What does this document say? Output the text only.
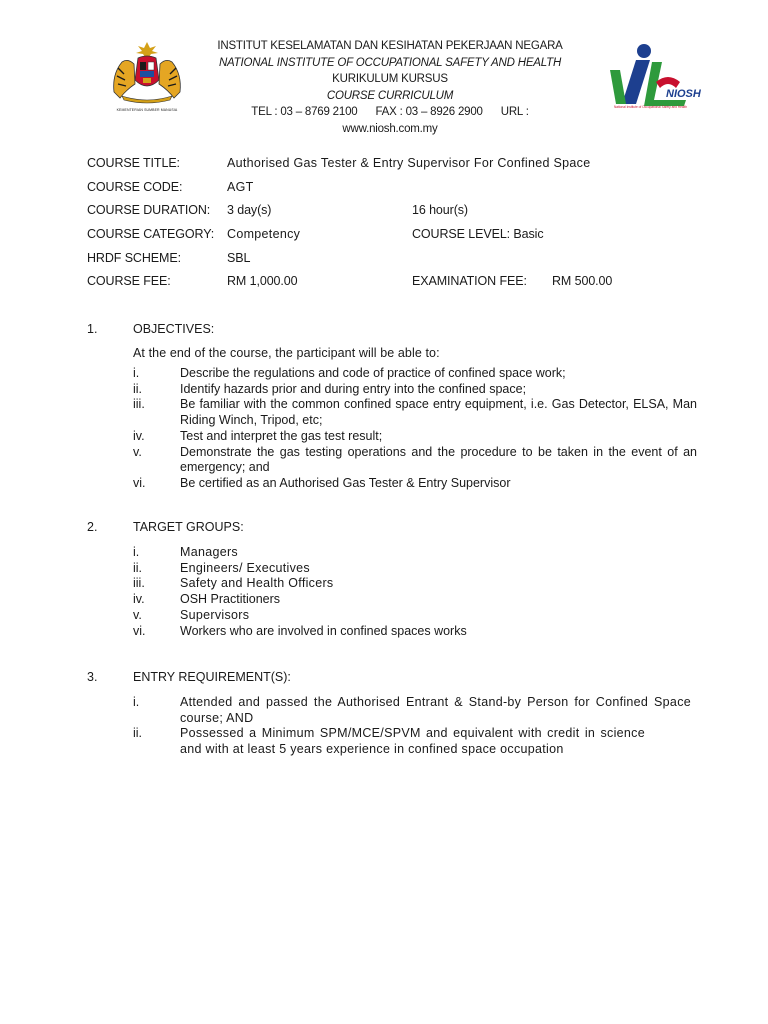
KEMENTERIAN SUMBER MANUSIA
INSTITUT KESELAMATAN DAN KESIHATAN PEKERJAAN NEGARA
NATIONAL INSTITUTE OF OCCUPATIONAL SAFETY AND HEALTH
KURIKULUM KURSUS
COURSE CURRICULUM
TEL : 03 – 8769 2100
FAX : 03 – 8926 2900
URL :
www.niosh.com.my
NIOSH
National Institute of Occupational Safety and Health
COURSE TITLE:	Authorised Gas Tester & Entry Supervisor For Confined Space
COURSE CODE:	AGT
COURSE DURATION: 3 day(s)	16 hour(s)
COURSE CATEGORY: Competency	COURSE LEVEL: Basic
HRDF SCHEME:	SBL
COURSE FEE:	RM 1,000.00	EXAMINATION FEE: RM 500.00
1.	OBJECTIVES:
At the end of the course, the participant will be able to:
i.	Describe the regulations and code of practice of confined space work;
ii.	Identify hazards prior and during entry into the confined space;
iii.	Be familiar with the common confined space entry equipment, i.e. Gas Detector, ELSA, Man Riding Winch, Tripod, etc;
iv.	Test and interpret the gas test result;
v.	Demonstrate the gas testing operations and the procedure to be taken in the event of an emergency; and
vi.	Be certified as an Authorised Gas Tester & Entry Supervisor
2.	TARGET GROUPS:
i.	Managers
ii.	Engineers/ Executives
iii.	Safety and Health Officers
iv.	OSH Practitioners
v.	Supervisors
vi.	Workers who are involved in confined spaces works
3.	ENTRY REQUIREMENT(S):
i.	Attended and passed the Authorised Entrant & Stand-by Person for Confined Space course; AND
ii.	Possessed a Minimum SPM/MCE/SPVM and equivalent with credit in science and with at least 5 years experience in confined space occupation
